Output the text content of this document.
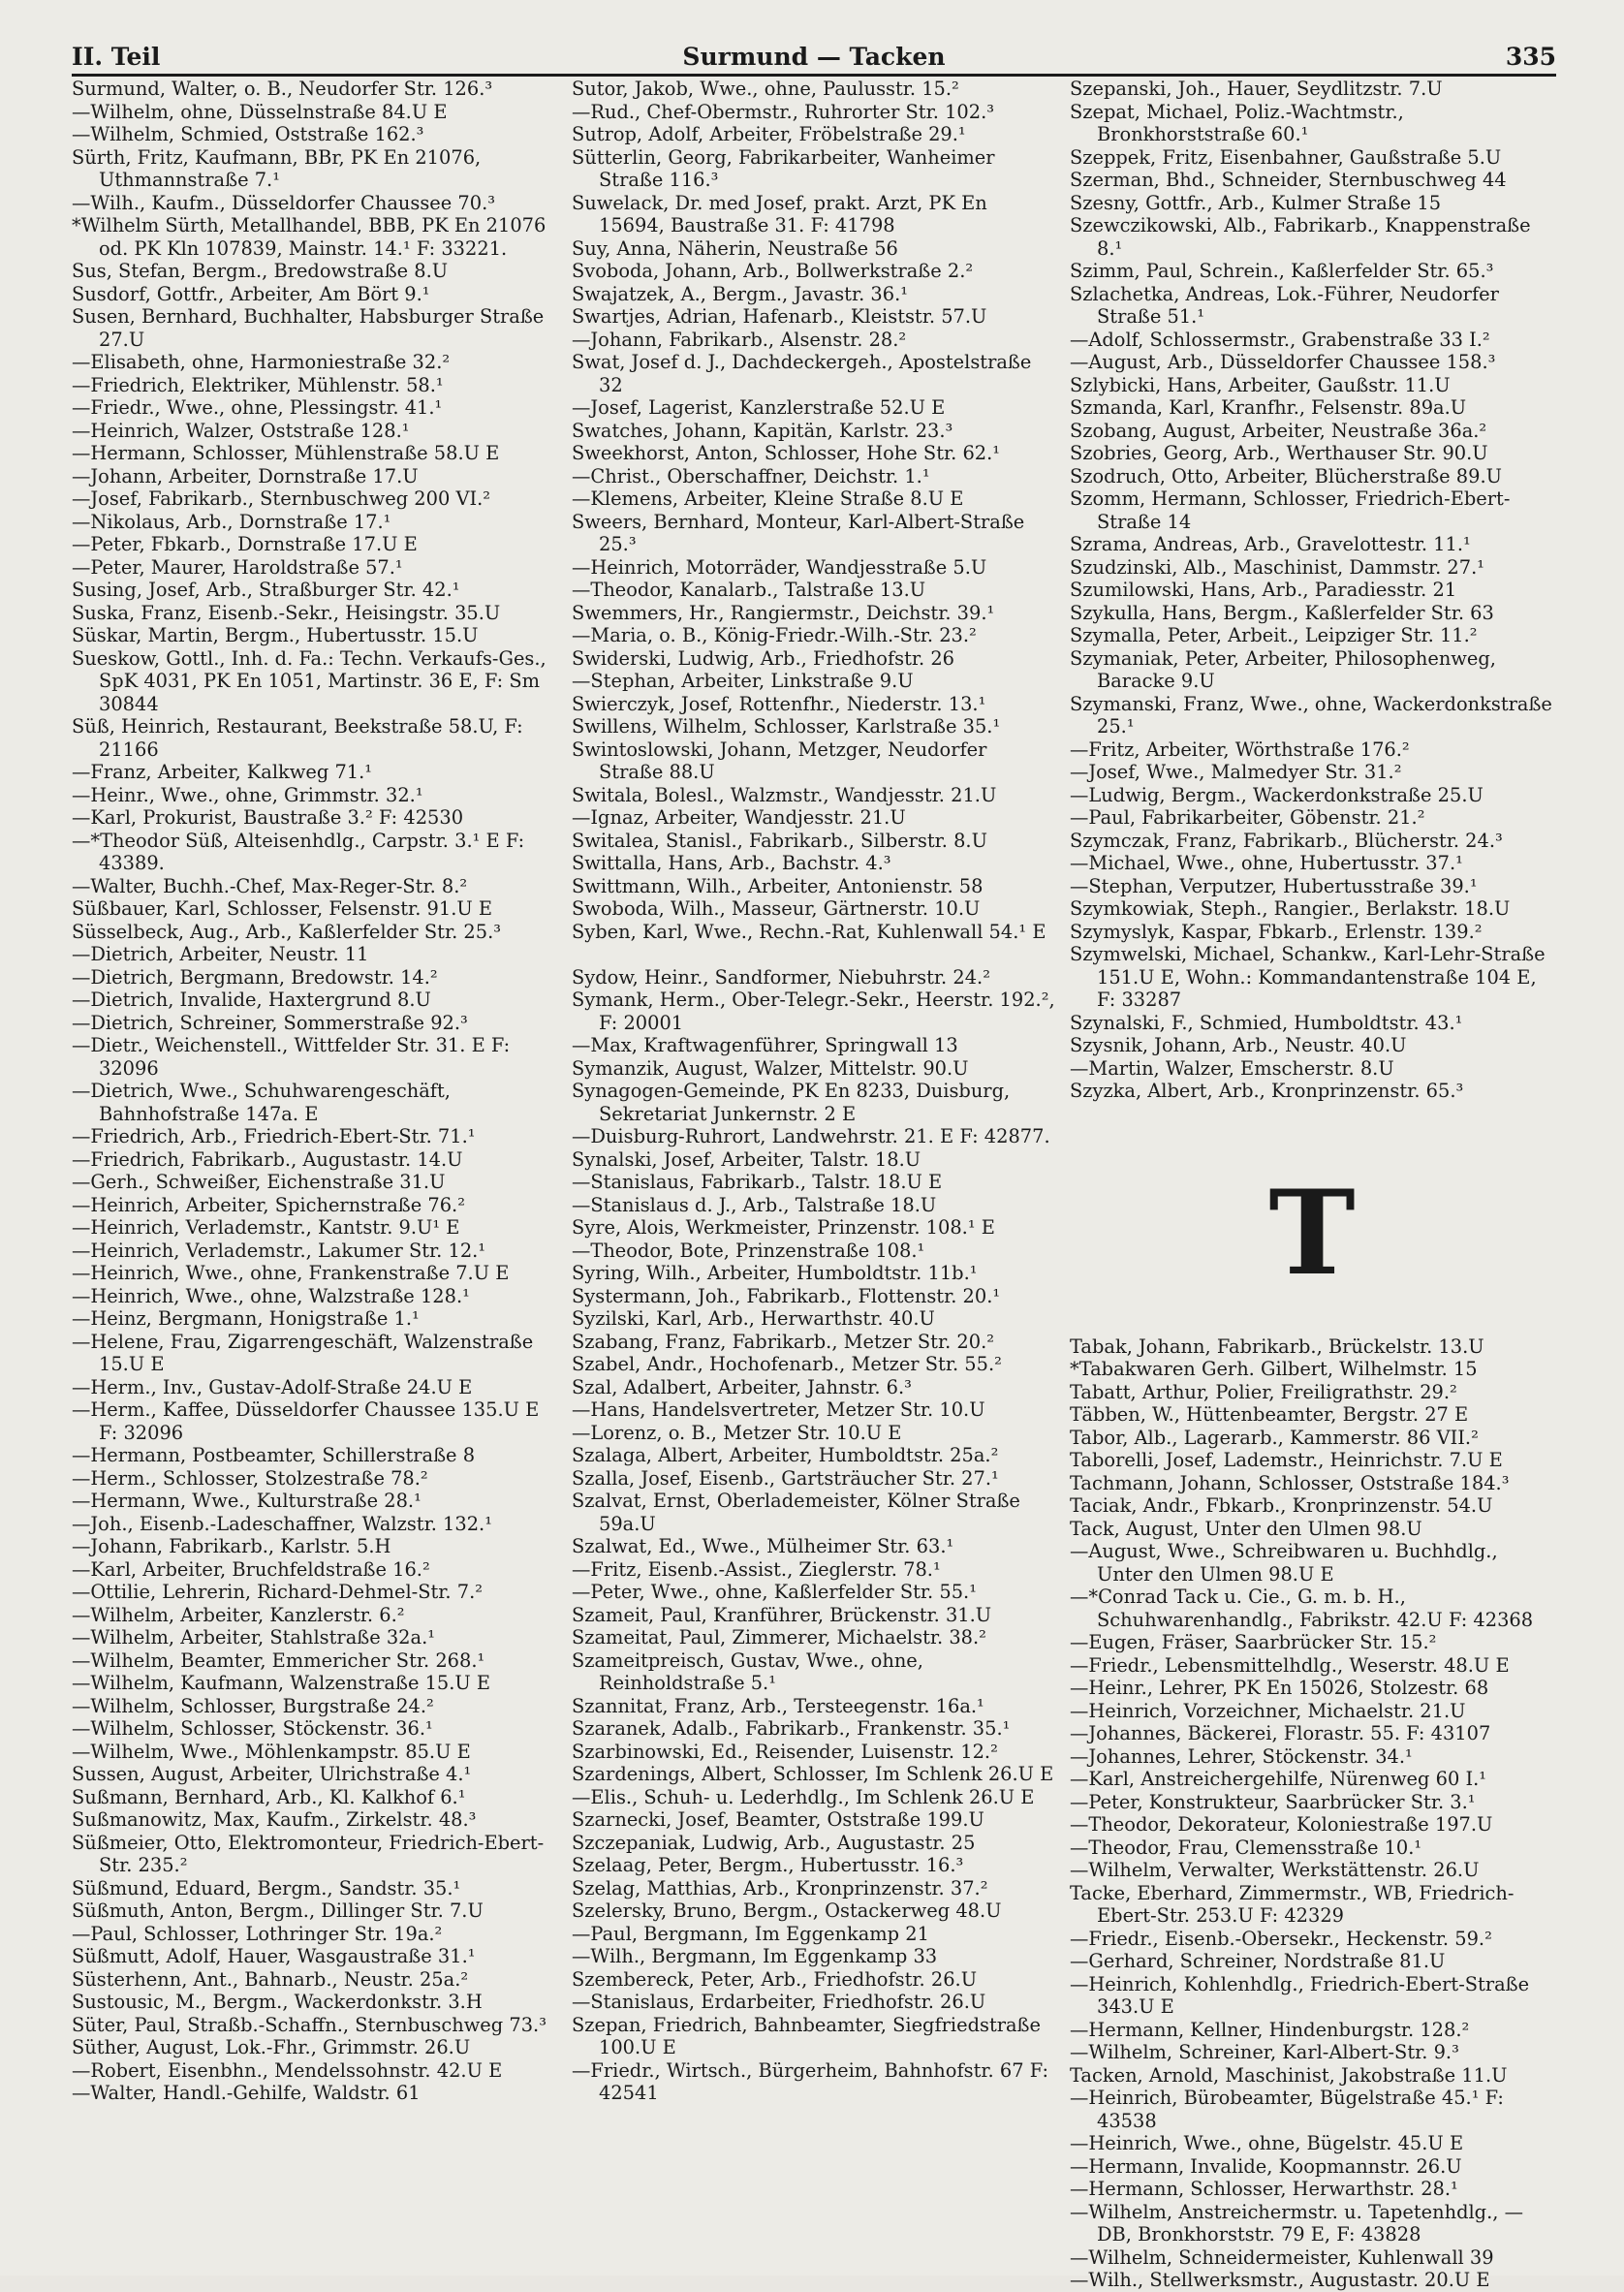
II. Teil	Surmund — Tacken	335
Surmund, Walter, o. B., Neudorfer Str. 126.³
—Wilhelm, ohne, Düsselnstraße 84.U E
—Wilhelm, Schmied, Oststraße 162.³
Sürth, Fritz, Kaufmann, BBr, PK En 21076, Uthmannstraße 7.¹
—Wilh., Kaufm., Düsseldorfer Chaussee 70.³
*Wilhelm Sürth, Metallhandel, BBB, PK En 21076 od. PK Kln 107839, Mainstr. 14.¹ F: 33221.
Sus, Stefan, Bergm., Bredowstraße 8.U
Susdorf, Gottfr., Arbeiter, Am Bört 9.¹
Susen, Bernhard, Buchhalter, Habsburger Straße 27.U
—Elisabeth, ohne, Harmoniestraße 32.²
—Friedrich, Elektriker, Mühlenstr. 58.¹
—Friedr., Wwe., ohne, Plessingstr. 41.¹
—Heinrich, Walzer, Oststraße 128.¹
—Hermann, Schlosser, Mühlenstraße 58.U E
—Johann, Arbeiter, Dornstraße 17.U
—Josef, Fabrikarb., Sternbuschweg 200 VI.²
—Nikolaus, Arb., Dornstraße 17.¹
—Peter, Fbkarb., Dornstraße 17.U E
—Peter, Maurer, Haroldstraße 57.¹
Susing, Josef, Arb., Straßburger Str. 42.¹
Suska, Franz, Eisenb.-Sekr., Heisingstr. 35.U
Süskar, Martin, Bergm., Hubertusstr. 15.U
Sueskow, Gottl., Inh. d. Fa.: Techn. Verkaufs-Ges., SpK 4031, PK En 1051, Martinstr. 36 E, F: Sm 30844
Süß, Heinrich, Restaurant, Beekstraße 58.U, F: 21166
—Franz, Arbeiter, Kalkweg 71.¹
—Heinr., Wwe., ohne, Grimmstr. 32.¹
—Karl, Prokurist, Baustraße 3.² F: 42530
—*Theodor Süß, Alteisenhdlg., Carpstr. 3.¹ E F: 43389.
—Walter, Buchh.-Chef, Max-Reger-Str. 8.²
Süßbauer, Karl, Schlosser, Felsenstr. 91.U E
Süsselbeck, Aug., Arb., Kaßlerfelder Str. 25.³
—Dietrich, Arbeiter, Neustr. 11
—Dietrich, Bergmann, Bredowstr. 14.²
—Dietrich, Invalide, Haxtergrund 8.U
—Dietrich, Schreiner, Sommerstraße 92.³
—Dietr., Weichenstell., Wittfelder Str. 31. E F: 32096
—Dietrich, Wwe., Schuhwarengeschäft, Bahnhofstraße 147a. E
—Friedrich, Arb., Friedrich-Ebert-Str. 71.¹
—Friedrich, Fabrikarb., Augustastr. 14.U
—Gerh., Schweißer, Eichenstraße 31.U
—Heinrich, Arbeiter, Spichernstraße 76.²
—Heinrich, Verlademstr., Kantstr. 9.U¹ E
—Heinrich, Verlademstr., Lakumer Str. 12.¹
—Heinrich, Wwe., ohne, Frankenstraße 7.U E
—Heinrich, Wwe., ohne, Walzstraße 128.¹
—Heinz, Bergmann, Honigstraße 1.¹
—Helene, Frau, Zigarrengeschäft, Walzenstraße 15.U E
—Herm., Inv., Gustav-Adolf-Straße 24.U E
—Herm., Kaffee, Düsseldorfer Chaussee 135.U E F: 32096
—Hermann, Postbeamter, Schillerstraße 8
—Herm., Schlosser, Stolzestraße 78.²
—Hermann, Wwe., Kulturstraße 28.¹
—Joh., Eisenb.-Ladeschaffner, Walzstr. 132.¹
—Johann, Fabrikarb., Karlstr. 5.H
—Karl, Arbeiter, Bruchfeldstraße 16.²
—Ottilie, Lehrerin, Richard-Dehmel-Str. 7.²
—Wilhelm, Arbeiter, Kanzlerstr. 6.²
—Wilhelm, Arbeiter, Stahlstraße 32a.¹
—Wilhelm, Beamter, Emmericher Str. 268.¹
—Wilhelm, Kaufmann, Walzenstraße 15.U E
—Wilhelm, Schlosser, Burgstraße 24.²
—Wilhelm, Schlosser, Stöckenstr. 36.¹
—Wilhelm, Wwe., Möhlenkampstr. 85.U E
Sussen, August, Arbeiter, Ulrichstraße 4.¹
Sußmann, Bernhard, Arb., Kl. Kalkhof 6.¹
Sußmanowitz, Max, Kaufm., Zirkelstr. 48.³
Süßmeier, Otto, Elektromonteur, Friedrich-Ebert-Str. 235.²
Süßmund, Eduard, Bergm., Sandstr. 35.¹
Süßmuth, Anton, Bergm., Dillinger Str. 7.U
—Paul, Schlosser, Lothringer Str. 19a.²
Süßmutt, Adolf, Hauer, Wasgaustraße 31.¹
Süsterhenn, Ant., Bahnarb., Neustr. 25a.²
Sustousic, M., Bergm., Wackerdonkstr. 3.H
Süter, Paul, Straßb.-Schaffn., Sternbuschweg 73.³
Süther, August, Lok.-Fhr., Grimmstr. 26.U
—Robert, Eisenbhn., Mendelssohnstr. 42.U E
—Walter, Handl.-Gehilfe, Waldstr. 61
Sutor, Jakob, Wwe., ohne, Paulusstr. 15.²
—Rud., Chef-Obermstr., Ruhrorter Str. 102.³
Sutrop, Adolf, Arbeiter, Fröbelstraße 29.¹
Sütterlin, Georg, Fabrikarbeiter, Wanheimer Straße 116.³
Suwelack, Dr. med Josef, prakt. Arzt, PK En 15694, Baustraße 31. F: 41798
Suy, Anna, Näherin, Neustraße 56
Svoboda, Johann, Arb., Bollwerkstraße 2.²
Swajatzek, A., Bergm., Javastr. 36.¹
Swartjes, Adrian, Hafenarb., Kleiststr. 57.U
—Johann, Fabrikarb., Alsenstr. 28.²
Swat, Josef d. J., Dachdeckergeh., Apostelstraße 32
—Josef, Lagerist, Kanzlerstraße 52.U E
Swatches, Johann, Kapitän, Karlstr. 23.³
Sweekhorst, Anton, Schlosser, Hohe Str. 62.¹
—Christ., Oberschaffner, Deichstr. 1.¹
—Klemens, Arbeiter, Kleine Straße 8.U E
Sweers, Bernhard, Monteur, Karl-Albert-Straße 25.³
—Heinrich, Motorräder, Wandjesstraße 5.U
—Theodor, Kanalarb., Talstraße 13.U
Swemmers, Hr., Rangiermstr., Deichstr. 39.¹
—Maria, o. B., König-Friedr.-Wilh.-Str. 23.²
Swiderski, Ludwig, Arb., Friedhofstr. 26
—Stephan, Arbeiter, Linkstraße 9.U
Swierczyk, Josef, Rottenfhr., Niederstr. 13.¹
Swillens, Wilhelm, Schlosser, Karlstraße 35.¹
Swintoslowski, Johann, Metzger, Neudorfer Straße 88.U
Switala, Bolesl., Walzmstr., Wandjesstr. 21.U
—Ignaz, Arbeiter, Wandjesstr. 21.U
Switalea, Stanisl., Fabrikarb., Silberstr. 8.U
Swittalla, Hans, Arb., Bachstr. 4.³
Swittmann, Wilh., Arbeiter, Antonienstr. 58
Swoboda, Wilh., Masseur, Gärtnerstr. 10.U
Syben, Karl, Wwe., Rechn.-Rat, Kuhlenwall 54.¹ E
Sydow, Heinr., Sandformer, Niebuhrstr. 24.²
Symank, Herm., Ober-Telegr.-Sekr., Heerstr. 192.², F: 20001
—Max, Kraftwagenführer, Springwall 13
Symanzik, August, Walzer, Mittelstr. 90.U
Synagogen-Gemeinde, PK En 8233, Duisburg, Sekretariat Junkernstr. 2 E
—Duisburg-Ruhrort, Landwehrstr. 21. E F: 42877.
Synalski, Josef, Arbeiter, Talstr. 18.U
—Stanislaus, Fabrikarb., Talstr. 18.U E
—Stanislaus d. J., Arb., Talstraße 18.U
Syre, Alois, Werkmeister, Prinzenstr. 108.¹ E
—Theodor, Bote, Prinzenstraße 108.¹
Syring, Wilh., Arbeiter, Humboldtstr. 11b.¹
Systermann, Joh., Fabrikarb., Flottenstr. 20.¹
Syzilski, Karl, Arb., Herwarthstr. 40.U
Szabang, Franz, Fabrikarb., Metzer Str. 20.²
Szabel, Andr., Hochofenarb., Metzer Str. 55.²
Szal, Adalbert, Arbeiter, Jahnstr. 6.³
—Hans, Handelsvertreter, Metzer Str. 10.U
—Lorenz, o. B., Metzer Str. 10.U E
Szalaga, Albert, Arbeiter, Humboldtstr. 25a.²
Szalla, Josef, Eisenb., Gartsträucher Str. 27.¹
Szalvat, Ernst, Oberlademeister, Kölner Straße 59a.U
Szalwat, Ed., Wwe., Mülheimer Str. 63.¹
—Fritz, Eisenb.-Assist., Zieglerstr. 78.¹
—Peter, Wwe., ohne, Kaßlerfelder Str. 55.¹
Szameit, Paul, Kranführer, Brückenstr. 31.U
Szameitat, Paul, Zimmerer, Michaelstr. 38.²
Szameitpreisch, Gustav, Wwe., ohne, Reinholdstraße 5.¹
Szannitat, Franz, Arb., Tersteegenstr. 16a.¹
Szaranek, Adalb., Fabrikarb., Frankenstr. 35.¹
Szarbinowski, Ed., Reisender, Luisenstr. 12.²
Szardenings, Albert, Schlosser, Im Schlenk 26.U E
—Elis., Schuh- u. Lederhdlg., Im Schlenk 26.U E
Szarnecki, Josef, Beamter, Oststraße 199.U
Szczepaniak, Ludwig, Arb., Augustastr. 25
Szelaag, Peter, Bergm., Hubertusstr. 16.³
Szelag, Matthias, Arb., Kronprinzenstr. 37.²
Szelersky, Bruno, Bergm., Ostackerweg 48.U
—Paul, Bergmann, Im Eggenkamp 21
—Wilh., Bergmann, Im Eggenkamp 33
Szembereck, Peter, Arb., Friedhofstr. 26.U
—Stanislaus, Erdarbeiter, Friedhofstr. 26.U
Szepan, Friedrich, Bahnbeamter, Siegfriedstraße 100.U E
—Friedr., Wirtsch., Bürgerheim, Bahnhofstr. 67 F: 42541
Szepanski, Joh., Hauer, Seydlitzstr. 7.U
Szepat, Michael, Poliz.-Wachtmstr., Bronkhorststraße 60.¹
Szeppek, Fritz, Eisenbahner, Gaußstraße 5.U
Szerman, Bhd., Schneider, Sternbuschweg 44
Szesny, Gottfr., Arb., Kulmer Straße 15
Szewczikowski, Alb., Fabrikarb., Knappenstraße 8.¹
Szimm, Paul, Schrein., Kaßlerfelder Str. 65.³
Szlachetka, Andreas, Lok.-Führer, Neudorfer Straße 51.¹
—Adolf, Schlossermstr., Grabenstraße 33 I.²
—August, Arb., Düsseldorfer Chaussee 158.³
Szlybicki, Hans, Arbeiter, Gaußstr. 11.U
Szmanda, Karl, Kranfhr., Felsenstr. 89a.U
Szobang, August, Arbeiter, Neustraße 36a.²
Szobries, Georg, Arb., Werthauser Str. 90.U
Szodruch, Otto, Arbeiter, Blücherstraße 89.U
Szomm, Hermann, Schlosser, Friedrich-Ebert-Straße 14
Szrama, Andreas, Arb., Gravelottestr. 11.¹
Szudzinski, Alb., Maschinist, Dammstr. 27.¹
Szumilowski, Hans, Arb., Paradiesstr. 21
Szykulla, Hans, Bergm., Kaßlerfelder Str. 63
Szymalla, Peter, Arbeit., Leipziger Str. 11.²
Szymaniak, Peter, Arbeiter, Philosophenweg, Baracke 9.U
Szymanski, Franz, Wwe., ohne, Wackerdonkstraße 25.¹
—Fritz, Arbeiter, Wörthstraße 176.²
—Josef, Wwe., Malmedyer Str. 31.²
—Ludwig, Bergm., Wackerdonkstraße 25.U
—Paul, Fabrikarbeiter, Göbenstr. 21.²
Szymczak, Franz, Fabrikarb., Blücherstr. 24.³
—Michael, Wwe., ohne, Hubertusstr. 37.¹
—Stephan, Verputzer, Hubertusstraße 39.¹
Szymkowiak, Steph., Rangier., Berlakstr. 18.U
Szymyslyk, Kaspar, Fbkarb., Erlenstr. 139.²
Szymwelski, Michael, Schankw., Karl-Lehr-Straße 151.U E, Wohn.: Kommandantenstraße 104 E, F: 33287
Szynalski, F., Schmied, Humboldtstr. 43.¹
Szysnik, Johann, Arb., Neustr. 40.U
—Martin, Walzer, Emscherstr. 8.U
Szyzka, Albert, Arb., Kronprinzenstr. 65.³
T
Tabak, Johann, Fabrikarb., Brückelstr. 13.U
*Tabakwaren Gerh. Gilbert, Wilhelmstr. 15
Tabatt, Arthur, Polier, Freiligrathstr. 29.²
Täbben, W., Hüttenbeamter, Bergstr. 27 E
Tabor, Alb., Lagerarb., Kammerstr. 86 VII.²
Taborelli, Josef, Lademstr., Heinrichstr. 7.U E
Tachmann, Johann, Schlosser, Oststraße 184.³
Taciak, Andr., Fbkarb., Kronprinzenstr. 54.U
Tack, August, Unter den Ulmen 98.U
—August, Wwe., Schreibwaren u. Buchhdlg., Unter den Ulmen 98.U E
—*Conrad Tack u. Cie., G. m. b. H., Schuhwarenhandlg., Fabrikstr. 42.U F: 42368
—Eugen, Fräser, Saarbrücker Str. 15.²
—Friedr., Lebensmittelhdlg., Weserstr. 48.U E
—Heinr., Lehrer, PK En 15026, Stolzestr. 68
—Heinrich, Vorzeichner, Michaelstr. 21.U
—Johannes, Bäckerei, Florastr. 55. F: 43107
—Johannes, Lehrer, Stöckenstr. 34.¹
—Karl, Anstreichergehilfe, Nürenweg 60 I.¹
—Peter, Konstrukteur, Saarbrücker Str. 3.¹
—Theodor, Dekorateur, Koloniestraße 197.U
—Theodor, Frau, Clemensstraße 10.¹
—Wilhelm, Verwalter, Werkstättenstr. 26.U
Tacke, Eberhard, Zimmermstr., WB, Friedrich-Ebert-Str. 253.U F: 42329
—Friedr., Eisenb.-Obersekr., Heckenstr. 59.²
—Gerhard, Schreiner, Nordstraße 81.U
—Heinrich, Kohlenhdlg., Friedrich-Ebert-Straße 343.U E
—Hermann, Kellner, Hindenburgstr. 128.²
—Wilhelm, Schreiner, Karl-Albert-Str. 9.³
Tacken, Arnold, Maschinist, Jakobstraße 11.U
—Heinrich, Bürobeamter, Bügelstraße 45.¹ F: 43538
—Heinrich, Wwe., ohne, Bügelstr. 45.U E
—Hermann, Invalide, Koopmannstr. 26.U
—Hermann, Schlosser, Herwarthstr. 28.¹
—Wilhelm, Anstreichermstr. u. Tapetenhdlg., —DB, Bronkhorststr. 79 E, F: 43828
—Wilhelm, Schneidermeister, Kuhlenwall 39
—Wilh., Stellwerksmstr., Augustastr. 20.U E
